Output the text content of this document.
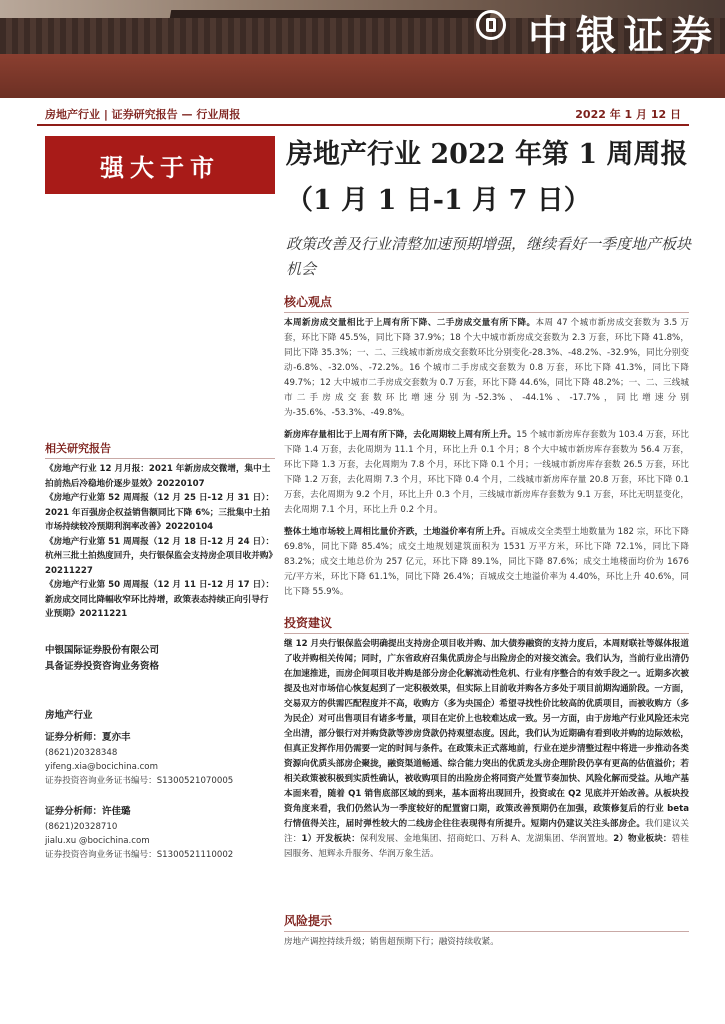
中银证券
房地产行业 | 证券研究报告 — 行业周报	2022 年 1 月 12 日
强大于市	房地产行业 2022 年第 1 周周报（1 月 1 日-1 月 7 日）
政策改善及行业清整加速预期增强，继续看好一季度地产板块机会
核心观点

本周新房成交量相比于上周有所下降、二手房成交量有所下降。本周 47 个城市新房成交套数为 3.5 万套，环比下降 45.5%，同比下降 37.9%；18 个大中城市新房成交套数为 2.3 万套，环比下降 41.8%，同比下降 35.3%；一、二、三线城市新房成交套数环比分别变化-28.3%、-48.2%、-32.9%，同比分别变动-6.8%、-32.0%、-72.2%。16 个城市二手房成交套数为 0.8 万套，环比下降 41.3%，同比下降 49.7%；12 大中城市二手房成交套数为 0.7 万套，环比下降 44.6%，同比下降 48.2%；一、二、三线城市二手房成交套数环比增速分别为-52.3%、-44.1%、-17.7%，同比增速分别为-35.6%、-53.3%、-49.8%。

新房库存量相比于上周有所下降，去化周期较上周有所上升。15 个城市新房库存套数为 103.4 万套，环比下降 1.4 万套，去化周期为 11.1 个月，环比上升 0.1 个月；8 个大中城市新房库存套数为 56.4 万套，环比下降 1.3 万套，去化周期为 7.8 个月，环比下降 0.1 个月；一线城市新房库存套数 26.5 万套，环比下降 1.2 万套，去化周期 7.3 个月，环比下降 0.4 个月，二线城市新房库存量 20.8 万套，环比下降 0.1 万套，去化周期为 9.2 个月，环比上升 0.3 个月，三线城市新房库存套数为 9.1 万套，环比无明显变化，去化周期 7.1 个月，环比上升 0.2 个月。

整体土地市场较上周相比量价齐跌，土地溢价率有所上升。百城成交全类型土地数量为 182 宗，环比下降 69.8%，同比下降 85.4%；成交土地规划建筑面积为 1531 万平方米，环比下降 72.1%，同比下降 83.2%；成交土地总价为 257 亿元，环比下降 89.1%，同比下降 87.6%；成交土地楼面均价为 1676 元/平方米，环比下降 61.1%，同比下降 26.4%；百城成交土地溢价率为 4.40%，环比上升 40.6%，同比下降 55.9%。

投资建议

继 12 月央行银保监会明确提出支持房企项目收并购、加大债券融资的支持力度后，本周财联社等媒体报道了收并购相关传闻；同时，广东省政府召集优质房企与出险房企的对接交流会。我们认为，当前行业出清仍在加速推进，而房企间项目收并购是部分房企化解流动性危机、行业有序整合的有效手段之一。近期多次被提及也对市场信心恢复起到了一定积极效果，但实际上目前收并购各方多处于项目前期沟通阶段。一方面，交易双方的供需匹配程度并不高，收购方（多为央国企）希望寻找性价比较高的优质项目，而被收购方（多为民企）对可出售项目有诸多考量，项目在定价上也较难达成一致。另一方面，由于房地产行业风险还未完全出清，部分银行对并购贷款等涉房贷款仍持观望态度。因此，我们认为近期确有看到收并购的边际效松，但真正发挥作用仍需要一定的时间与条件。在政策未正式落地前，行业在逆步清整过程中将进一步推动各类资源向优质头部房企聚拢，融资渠道畅通、综合能力突出的优质龙头房企理阶段仍享有更高的估值溢价；若相关政策被积极到实质性确认，被收购项目的出险房企将同资产处置节奏加快、风险化解而受益。从地产基本面来看，随着 Q1 销售底部区域的到来，基本面将出现回升，投资或在 Q2 见底并开始改善。从板块投资角度来看，我们仍然认为一季度较好的配置窗口期，政策改善预期仍在加强，政策修复后的行业 beta 行情值得关注，届时弹性较大的二线房企往往表现得有所提升。短期内仍建议关注头部房企。我们建议关注：1）开发板块：保利发展、金地集团、招商蛇口、万科 A、龙湖集团、华润置地。2）物业板块：碧桂园服务、旭辉永升服务、华润万象生活。

风险提示

房地产调控持续升级；销售超预期下行；融资持续收紧。

相关研究报告
《房地产行业 12 月月报：2021 年新房成交微增，集中土拍前热后冷稳地价逐步显效》20220107
《房地产行业第 52 周周报（12 月 25 日-12 月 31 日）：2021 年百强房企权益销售额同比下降 6%；三批集中土拍市场持续较冷预期利润率改善》20220104
《房地产行业第 51 周周报（12 月 18 日-12 月 24 日）：杭州三批土拍热度回升，央行银保监会支持房企项目收并购》20211227
《房地产行业第 50 周周报（12 月 11 日-12 月 17 日）：新房成交同比降幅收窄环比持增，政策表态持续正向引导行业预期》20211221
中银国际证券股份有限公司
具备证券投资咨询业务资格
房地产行业
证券分析师：夏亦丰
(8621)20328348
yifeng.xia@bocichina.com
证券投资咨询业务证书编号：S1300521070005
证券分析师：许佳璐
(8621)20328710
jialu.xu @bocichina.com
证券投资咨询业务证书编号：S1300521110002
